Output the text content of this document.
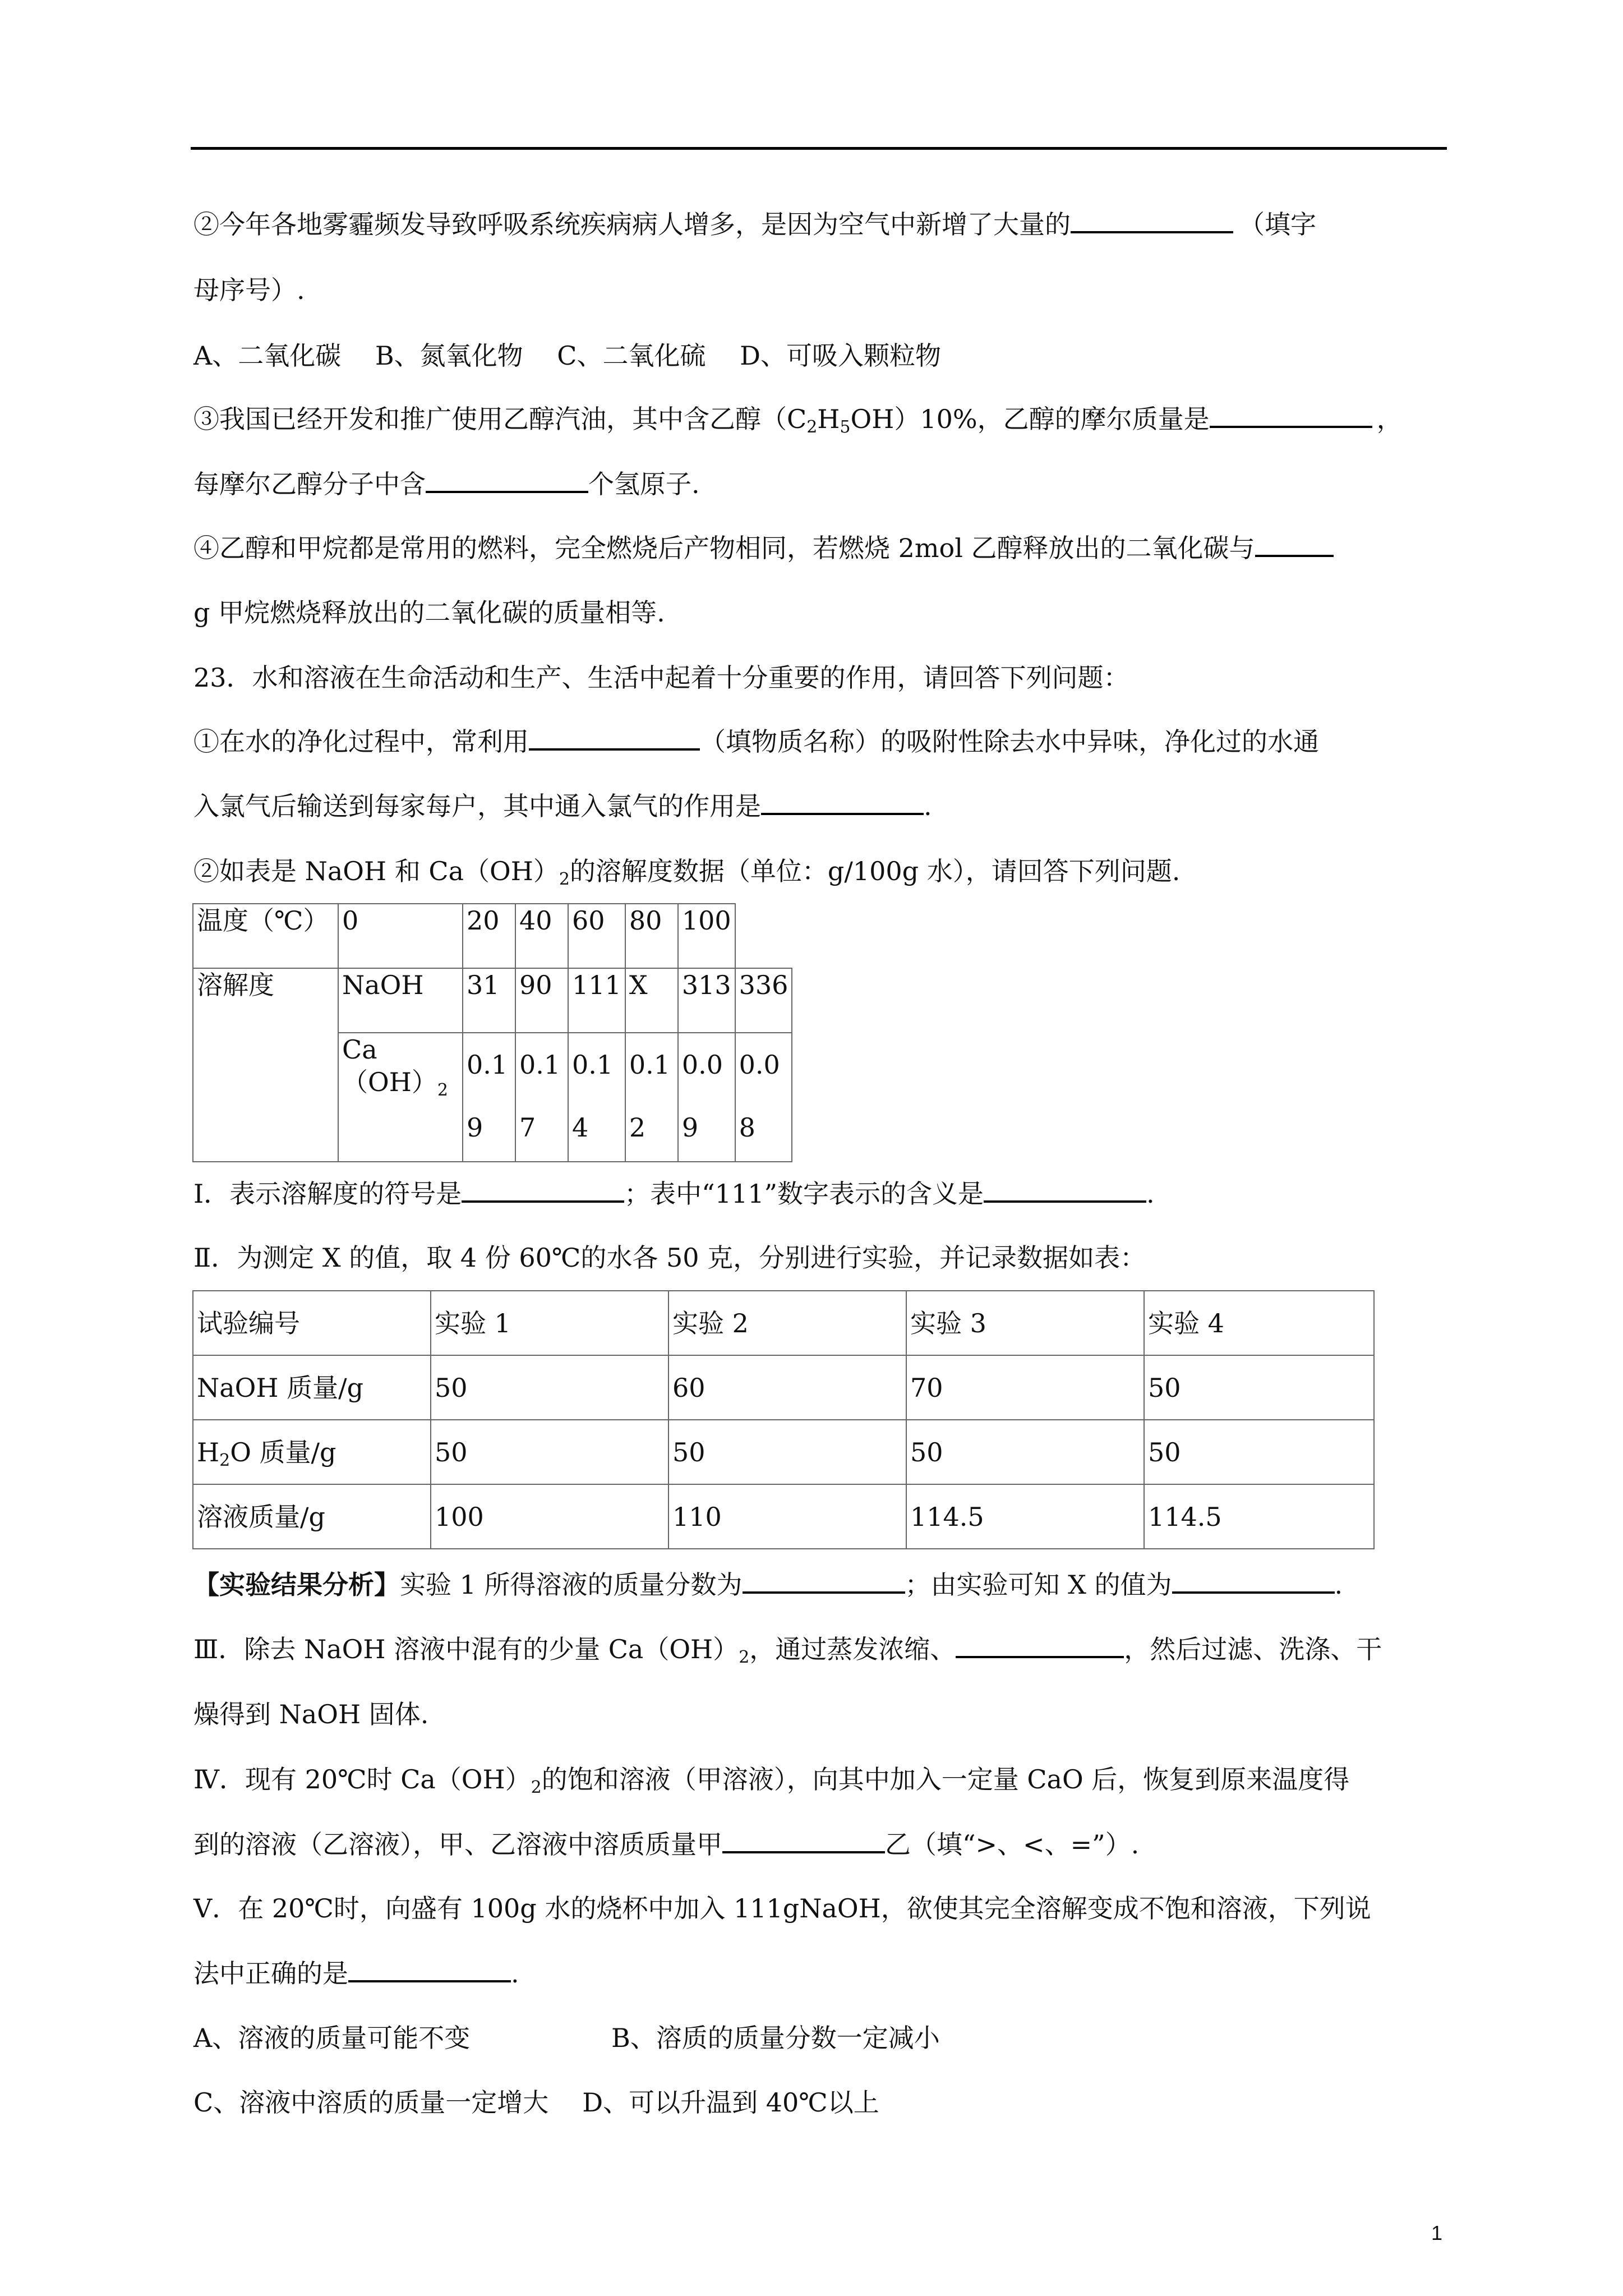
②今年各地雾霾频发导致呼吸系统疾病病人增多，是因为空气中新增了大量的	（填字
母序号）.
A、二氧化碳　 B、氮氧化物　 C、二氧化硫　 D、可吸入颗粒物
③我国已经开发和推广使用乙醇汽油，其中含乙醇$(C_2H_5OH)10\%$，乙醇的摩尔质量是	，
每摩尔乙醇分子中含	个氢原子.
④乙醇和甲烷都是常用的燃料，完全燃烧后产物相同，若燃烧 2mol 乙醇释放出的二氧化碳与
g 甲烷燃烧释放出的二氧化碳的质量相等.
23．水和溶液在生命活动和生产、生活中起着十分重要的作用，请回答下列问题：
①在水的净化过程中，常利用	（填物质名称）的吸附性除去水中异味，净化过的水通
入氯气后输送到每家每户，其中通入氯气的作用是	.
②如表是 NaOH 和 $Ca(OH)_2$的溶解度数据（单位：g/100g 水），请回答下列问题.
温度（℃）	0	20	40	60	80	100	
溶解度	NaOH	31	90	111	X	313	336
	$Ca(OH)_2$	0.19	0.17	0.14	0.12	0.09	0.08
Ⅰ．表示溶解度的符号是	；表中“111”数字表示的含义是	.
Ⅱ．为测定 X 的值，取 4 份 60℃的水各 50 克，分别进行实验，并记录数据如表：
试验编号	实验 1	实验 2	实验 3	实验 4
NaOH 质量/g	50	60	70	50
$H_2O$ 质量/g	50	50	50	50
溶液质量/g	100	110	114.5	114.5
【实验结果分析】实验 1 所得溶液的质量分数为	；由实验可知 X 的值为	.
Ⅲ．除去 NaOH 溶液中混有的少量 $Ca(OH)_2$，通过蒸发浓缩、	，然后过滤、洗涤、干
燥得到 NaOH 固体.
Ⅳ．现有 20℃时 $Ca(OH)_2$的饱和溶液（甲溶液），向其中加入一定量 CaO 后，恢复到原来温度得
到的溶液（乙溶液），甲、乙溶液中溶质质量甲	乙（填“>、<、=”）.
Ⅴ．在 20℃时，向盛有 100g 水的烧杯中加入 111gNaOH，欲使其完全溶解变成不饱和溶液，下列说
法中正确的是	.
A、溶液的质量可能不变	B、溶质的质量分数一定减小
C、溶液中溶质的质量一定增大 D、可以升温到 40℃以上
1
